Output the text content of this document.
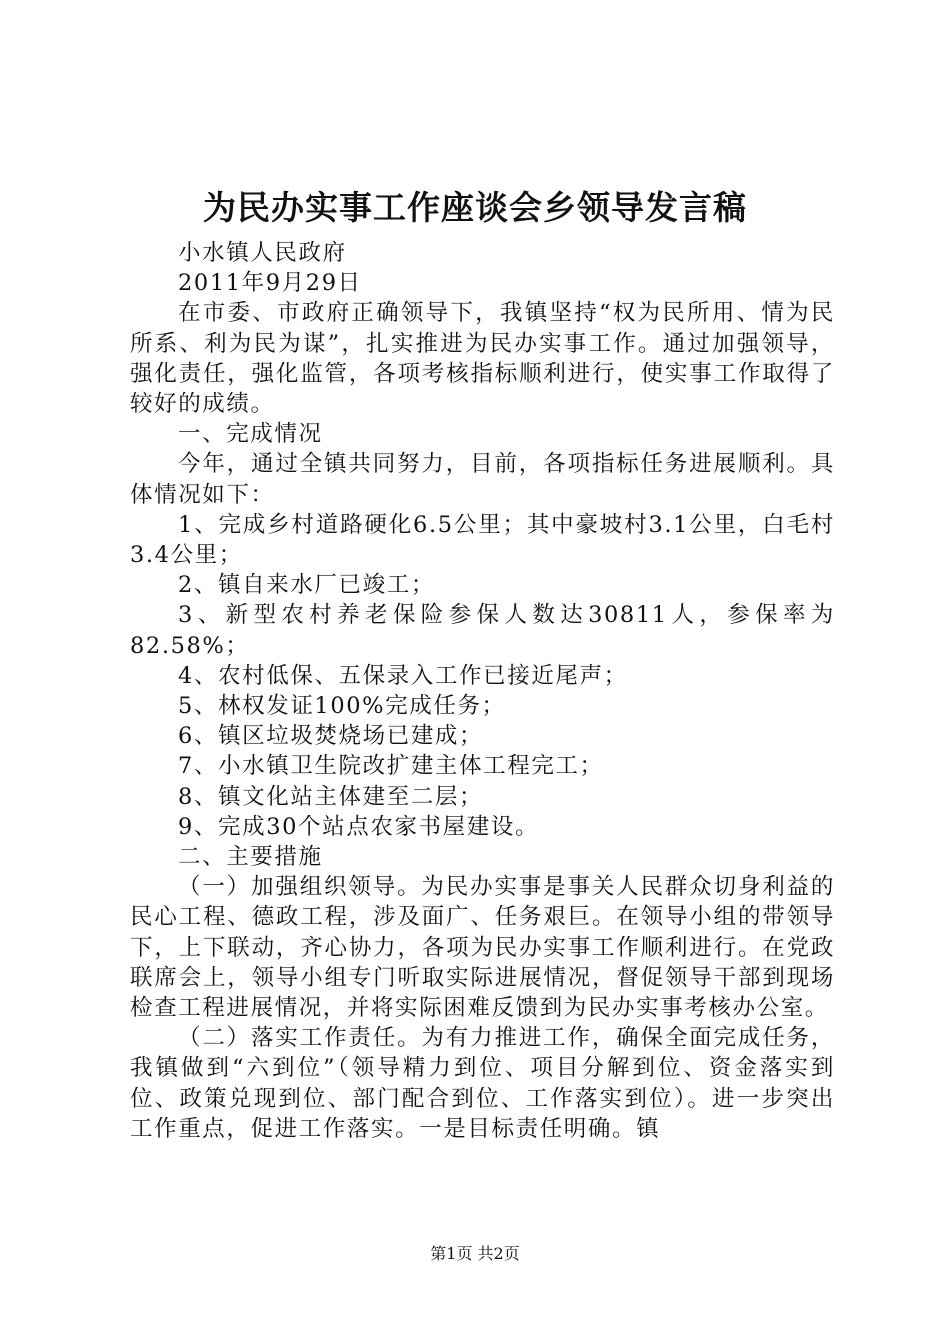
为民办实事工作座谈会乡领导发言稿

小水镇人民政府

2011年9月29日

在市委、市政府正确领导下，我镇坚持“权为民所用、情为民所系、利为民为谋”，扎实推进为民办实事工作。通过加强领导，强化责任，强化监管，各项考核指标顺利进行，使实事工作取得了较好的成绩。

一、完成情况

今年，通过全镇共同努力，目前，各项指标任务进展顺利。具体情况如下：

1、完成乡村道路硬化6.5公里；其中豪坡村3.1公里，白毛村3.4公里；

2、镇自来水厂已竣工；

3、新型农村养老保险参保人数达30811人，参保率为82.58%；

4、农村低保、五保录入工作已接近尾声；

5、林权发证100%完成任务；

6、镇区垃圾焚烧场已建成；

7、小水镇卫生院改扩建主体工程完工；

8、镇文化站主体建至二层；

9、完成30个站点农家书屋建设。

二、主要措施

（一）加强组织领导。为民办实事是事关人民群众切身利益的民心工程、德政工程，涉及面广、任务艰巨。在领导小组的带领导下，上下联动，齐心协力，各项为民办实事工作顺利进行。在党政联席会上，领导小组专门听取实际进展情况，督促领导干部到现场检查工程进展情况，并将实际困难反馈到为民办实事考核办公室。

（二）落实工作责任。为有力推进工作，确保全面完成任务，我镇做到“六到位”（领导精力到位、项目分解到位、资金落实到位、政策兑现到位、部门配合到位、工作落实到位）。进一步突出工作重点，促进工作落实。一是目标责任明确。镇

第1页 共2页
